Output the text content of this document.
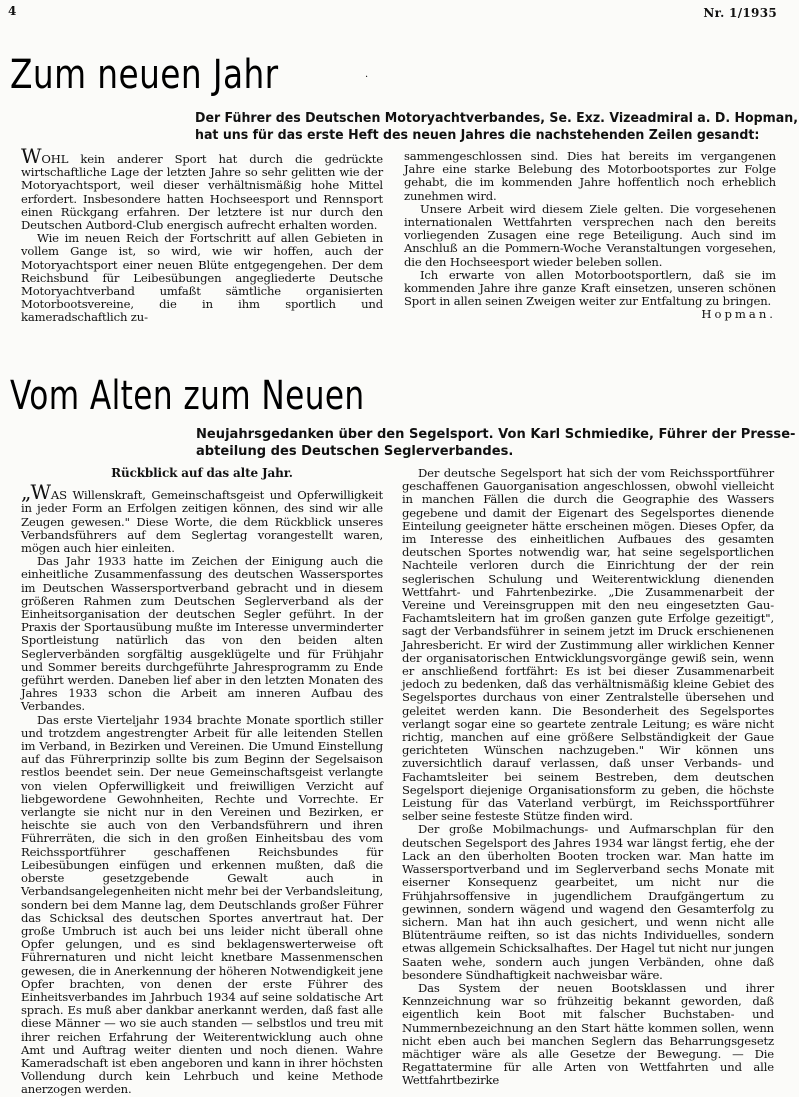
4	Nr. 1/1935
Zum neuen Jahr	·
Der Führer des Deutschen Motoryachtverbandes, Se. Exz. Vizeadmiral a. D. Hopman,
hat uns für das erste Heft des neuen Jahres die nachstehenden Zeilen gesandt:

WOHL kein anderer Sport hat durch die gedrückte wirtschaftliche Lage der letzten Jahre so sehr gelitten wie der Motoryachtsport, weil dieser verhältnismäßig hohe Mittel erfordert. Insbesondere hatten Hochseesport und Rennsport einen Rückgang erfahren. Der letztere ist nur durch den Deutschen Autbord-Club energisch aufrecht erhalten worden.

Wie im neuen Reich der Fortschritt auf allen Gebieten in vollem Gange ist, so wird, wie wir hoffen, auch der Motoryachtsport einer neuen Blüte entgegengehen. Der dem Reichsbund für Leibesübungen angegliederte Deutsche Motoryachtverband umfaßt sämtliche organisierten Motorbootsvereine, die in ihm sportlich und kameradschaftlich zu-

sammengeschlossen sind. Dies hat bereits im vergangenen Jahre eine starke Belebung des Motorbootsportes zur Folge gehabt, die im kommenden Jahre hoffentlich noch erheblich zunehmen wird.

Unsere Arbeit wird diesem Ziele gelten. Die vorgesehenen internationalen Wettfahrten versprechen nach den bereits vorliegenden Zusagen eine rege Beteiligung. Auch sind im Anschluß an die Pommern-Woche Veranstaltungen vorgesehen, die den Hochseesport wieder beleben sollen.

Ich erwarte von allen Motorbootsportlern, daß sie im kommenden Jahre ihre ganze Kraft einsetzen, unseren schönen Sport in allen seinen Zweigen weiter zur Entfaltung zu bringen.
Hopman.

Vom Alten zum Neuen
Neujahrsgedanken über den Segelsport. Von Karl Schmiedike, Führer der Presse-
abteilung des Deutschen Seglerverbandes.

Rückblick auf das alte Jahr.

„WAS Willenskraft, Gemeinschaftsgeist und Opferwilligkeit in jeder Form an Erfolgen zeitigen können, des sind wir alle Zeugen gewesen." Diese Worte, die dem Rückblick unseres Verbandsführers auf dem Seglertag vorangestellt waren, mögen auch hier einleiten.

Das Jahr 1933 hatte im Zeichen der Einigung auch die einheitliche Zusammenfassung des deutschen Wassersportes im Deutschen Wassersportverband gebracht und in diesem größeren Rahmen zum Deutschen Seglerverband als der Einheitsorganisation der deutschen Segler geführt. In der Praxis der Sportausübung mußte im Interesse unverminderter Sportleistung natürlich das von den beiden alten Seglerverbänden sorgfältig ausgeklügelte und für Frühjahr und Sommer bereits durchgeführte Jahresprogramm zu Ende geführt werden. Daneben lief aber in den letzten Monaten des Jahres 1933 schon die Arbeit am inneren Aufbau des Verbandes.

Das erste Vierteljahr 1934 brachte Monate sportlich stiller und trotzdem angestrengter Arbeit für alle leitenden Stellen im Verband, in Bezirken und Vereinen. Die Umund Einstellung auf das Führerprinzip sollte bis zum Beginn der Segelsaison restlos beendet sein. Der neue Gemeinschaftsgeist verlangte von vielen Opferwilligkeit und freiwilligen Verzicht auf liebgewordene Gewohnheiten, Rechte und Vorrechte. Er verlangte sie nicht nur in den Vereinen und Bezirken, er heischte sie auch von den Verbandsführern und ihren Führerräten, die sich in den großen Einheitsbau des vom Reichssportführer geschaffenen Reichsbundes für Leibesübungen einfügen und erkennen mußten, daß die oberste gesetzgebende Gewalt auch in Verbandsangelegenheiten nicht mehr bei der Verbandsleitung, sondern bei dem Manne lag, dem Deutschlands großer Führer das Schicksal des deutschen Sportes anvertraut hat. Der große Umbruch ist auch bei uns leider nicht überall ohne Opfer gelungen, und es sind beklagenswerterweise oft Führernaturen und nicht leicht knetbare Massenmenschen gewesen, die in Anerkennung der höheren Notwendigkeit jene Opfer brachten, von denen der erste Führer des Einheitsverbandes im Jahrbuch 1934 auf seine soldatische Art sprach. Es muß aber dankbar anerkannt werden, daß fast alle diese Männer — wo sie auch standen — selbstlos und treu mit ihrer reichen Erfahrung der Weiterentwicklung auch ohne Amt und Auftrag weiter dienten und noch dienen. Wahre Kameradschaft ist eben angeboren und kann in ihrer höchsten Vollendung durch kein Lehrbuch und keine Methode anerzogen werden.

Der deutsche Segelsport hat sich der vom Reichssportführer geschaffenen Gauorganisation angeschlossen, obwohl vielleicht in manchen Fällen die durch die Geographie des Wassers gegebene und damit der Eigenart des Segelsportes dienende Einteilung geeigneter hätte erscheinen mögen. Dieses Opfer, da im Interesse des einheitlichen Aufbaues des gesamten deutschen Sportes notwendig war, hat seine segelsportlichen Nachteile verloren durch die Einrichtung der der rein seglerischen Schulung und Weiterentwicklung dienenden Wettfahrt- und Fahrtenbezirke. „Die Zusammenarbeit der Vereine und Vereinsgruppen mit den neu eingesetzten Gau-Fachamtsleitern hat im großen ganzen gute Erfolge gezeitigt", sagt der Verbandsführer in seinem jetzt im Druck erschienenen Jahresbericht. Er wird der Zustimmung aller wirklichen Kenner der organisatorischen Entwicklungsvorgänge gewiß sein, wenn er anschließend fortfährt: Es ist bei dieser Zusammenarbeit jedoch zu bedenken, daß das verhältnismäßig kleine Gebiet des Segelsportes durchaus von einer Zentralstelle übersehen und geleitet werden kann. Die Besonderheit des Segelsportes verlangt sogar eine so geartete zentrale Leitung; es wäre nicht richtig, manchen auf eine größere Selbständigkeit der Gaue gerichteten Wünschen nachzugeben." Wir können uns zuversichtlich darauf verlassen, daß unser Verbands- und Fachamtsleiter bei seinem Bestreben, dem deutschen Segelsport diejenige Organisationsform zu geben, die höchste Leistung für das Vaterland verbürgt, im Reichssportführer selber seine festeste Stütze finden wird.

Der große Mobilmachungs- und Aufmarschplan für den deutschen Segelsport des Jahres 1934 war längst fertig, ehe der Lack an den überholten Booten trocken war. Man hatte im Wassersportverband und im Seglerverband sechs Monate mit eiserner Konsequenz gearbeitet, um nicht nur die Frühjahrsoffensive in jugendlichem Draufgängertum zu gewinnen, sondern wägend und wagend den Gesamterfolg zu sichern. Man hat ihn auch gesichert, und wenn nicht alle Blütenträume reiften, so ist das nichts Individuelles, sondern etwas allgemein Schicksalhaftes. Der Hagel tut nicht nur jungen Saaten wehe, sondern auch jungen Verbänden, ohne daß besondere Sündhaftigkeit nachweisbar wäre.

Das System der neuen Bootsklassen und ihrer Kennzeichnung war so frühzeitig bekannt geworden, daß eigentlich kein Boot mit falscher Buchstaben- und Nummernbezeichnung an den Start hätte kommen sollen, wenn nicht eben auch bei manchen Seglern das Beharrungsgesetz mächtiger wäre als alle Gesetze der Bewegung. — Die Regattatermine für alle Arten von Wettfahrten und alle Wettfahrtbezirke
